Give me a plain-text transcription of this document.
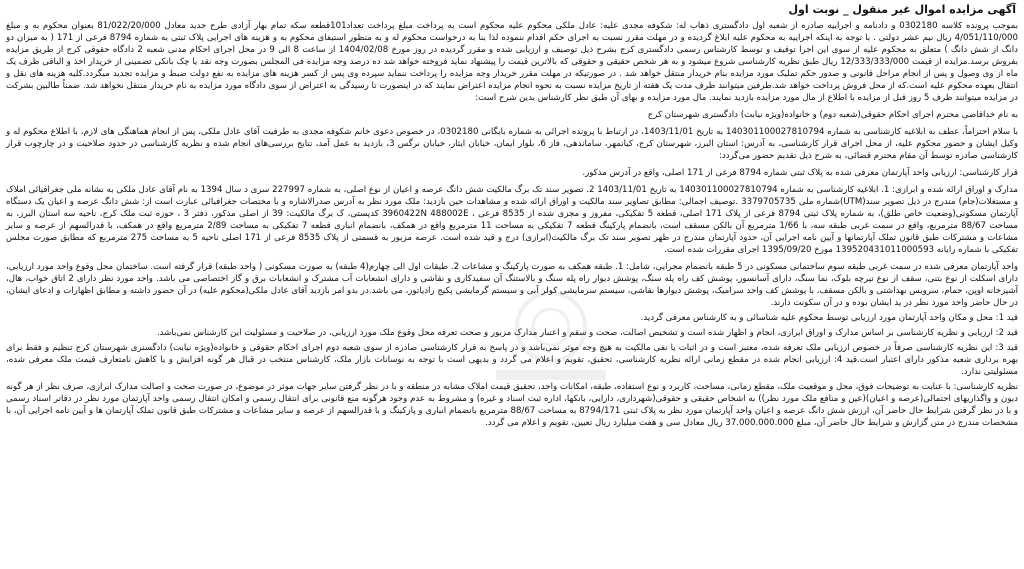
آگهی مزایده اموال غیر منقول _ نوبت اول

بموجب پرونده کلاسه 0302180 و دادنامه و اجراییه صادره از شعبه اول دادگستری ذهاب له: شکوفه مجدی علیه: عادل ملکی محکوم علیه محکوم است به پرداخت مبلغ پرداخت تعداد101قطعه سکه تمام بهار آزادی طرح جدید معادل 81/022/20/000 بعنوان محکوم به و مبلغ 4/051/110/000 ریال نیم عشر دولتی . با توجه به اینکه اجراییه به محکوم علیه ابلاغ گردیده و در مهلت مقرر نسبت به اجرای حکم اقدام ننموده لذا بنا به درخواست محکوم له و به منظور استیفای محکوم به و هزینه های اجرایی پلاک ثبتی به شماره 8794 فرعی از 171 ( به میزان دو دانگ از شش دانگ ) متعلق به محکوم علیه از سوی این اجرا توقیف و توسط کارشناس رسمی دادگستری کرج بشرح ذیل توصیف و ارزیابی شده و مقرر گردیده در روز مورخ 1404/02/08 از ساعت 8 الی 9 در محل اجرای احکام مدنی شعبه 2 دادگاه حقوقی کرج از طریق مزایده بفروش برسد.مزایده از قیمت 12/333/333/000 ریال طبق نظریه کارشناسی شروع میشود و به هر شخص حقیقی و حقوقی که بالاترین قیمت را پیشنهاد نماید فروخته خواهد شد ده درصد وجه مزایده فی المجلس بصورت وجه نقد یا چک بانکی تضمینی از خریدار اخذ و الباقی ظرف یک ماه از وی وصول و پس از انجام مراحل قانونی و صدور حکم تملیک مورد مزایده بنام خریدار منتقل خواهد شد . در صورتیکه در مهلت مقرر خریدار وجه مزایده را پرداخت ننماید سپرده وی پس از کسر هزینه های مزایده به نفع دولت ضبط و مزایده تجدید میگردد.کلیه هزینه های نقل و انتقال بعهده محکوم علیه است.که از محل فروش پرداخت خواهد شد.طرفین میتوانند ظرف مدت یک هفته از تاریخ مزایده نسبت به نحوه انجام مزایده اعتراض نمایند که در اینصورت تا رسیدگی به اعتراض از سوی دادگاه مورد مزایده به نام خریدار منتقل نخواهد شد. ضمناً طالبین بشرکت در مزایده میتوانند ظرف 5 روز قبل از مزایده با اطلاع از مال مورد مزایده بازدید نمایند. مال مورد مزایده و بهای آن طبق نظر کارشناس بدین شرح است:

به نام خداقاضی محترم اجرای احکام حقوقی(شعبه دوم) و خانواده(ویژه نیابت) دادگستری شهرستان کرج

با سلام احتراماً، عطف به ابلاغیه کارشناسی به شماره 140301100027810794 به تاریخ 1403/11/01، در ارتباط با پرونده اجرائی به شماره بایگانی 0302180، در خصوص دعوی خانم شکوفه مجدی به طرفیت آقای عادل ملکی، پس از انجام هماهنگی های لازم، با اطلاع محکوم له و وکیل ایشان و حضور محکوم علیه، از محل اجرای قرار کارشناسی، به آدرس: استان البرز، شهرستان کرج، کیانمهر، ساماندهی، فاز 6، بلوار ایمان، خیابان ایثار، خیابان نرگس 3، بازدید به عمل آمد، نتایج بررسی‌های انجام شده و نظریه کارشناسی در حدود صلاحیت و در چارچوب قرار کارشناسی صادره توسط آن مقام محترم قضائی، به شرح ذیل تقدیم حضور می‌گردد:

قرار کارشناسی: ارزیابی واحد آپارتمان معرفی شده به پلاک ثبتی شماره 8794 فرعی از 171 اصلی، واقع در آدرس مذکور.

مدارک و اوراق ارائه شده و ابرازی: 1. ابلاغیه کارشناسی به شماره 140301100027810794 به تاریخ 1403/11/01 2. تصویر سند تک برگ مالکیت شش دانگ عرصه و اعیان از نوع اصلی، به شماره 227997 سری د سال 1394 به نام آقای عادل ملکی به نشانه ملی جغرافیائی املاک و مستغلات(جام) مندرج در ذیل تصویر سند(UTM)شماره ملی 3379705735 .توصیف اجمالی: مطابق تصاویر سند مالکیت و اوراق ارائه شده و مشاهدات حین بازدید: ملک مورد نظر به آدرس صدرالاشاره و با مختصات جغرافیائی عبارت است از: شش دانگ عرصه و اعیان یک دستگاه آپارتمان مسکونی(وضعیت خاص طلق)، به شماره پلاک ثبتی 8794 فرعی از پلاک 171 اصلی، قطعه 5 تفکیکی، مفروز و مجزی شده از 8535 فرعی ، 3960422N 488002E کدپستی، ک برگ مالکیت: 39 از اصلی مذکور، دفتر 3 ، حوزه ثبت ملک کرج، ناحیه سه استان البرز، به مساحت 88/67 مترمربع، واقع در سمت غربی طبقه سه، با 1/66 مترمربع آن بالکن مسقف است، بانضمام پارکینگ قطعه 7 تفکیکی به مساحت 11 مترمربع واقع در همکف، بانضمام انباری قطعه 7 تفکیکی به مساحت 2/89 مترمربع واقع در همکف، با قدرالسهم از عرصه و سایر مشاعات و مشترکات طبق قانون تملک آپارتمانها و آیین نامه اجرایی آن، حدود آپارتمان مندرج در ظهر تصویر سند تک برگ مالکیت(ابرازی) درج و قید شده است. عرصه مزبور به قسمتی از پلاک 8535 فرعی از 171 اصلی ناحیه 5 به مساحت 275 مترمربع که مطابق صورت مجلس تفکیکی با شماره رایانه 139520431011000593 مورخ 1395/09/20 اجرای مقررات شده است.

واحد آپارتمان معرفی شده در سمت غربی طبقه سوم ساختمانی مسکونی در 5 طبقه بانضمام مجرایی، شامل: 1. طبقه همکف به صورت پارکینگ و مشاعات 2. طبقات اول الی چهارم(4 طبقه) به صورت مسکونی ( واحد طبقه) قرار گرفته است. ساختمان محل وقوع واحد مورد ارزیابی، دارای اسکلت از نوع بتنی، سقف از نوع تیرچه بلوک، نما سنگ، دارای آسانسور، پوشش کف راه پله سنگ، پوشش دیوار راه پله سنگ و بالاستنگ آن سفیدکاری و نقاشی و دارای انشعابات آب مشترک و انشعابات برق و گاز اختصاصی می باشد. واحد مورد نظر دارای 2 اتاق خواب، هال، آشپزخانه اوپن، حمام، سرویس بهداشتی و بالکن مسقف، با پوشش کف واحد سرامیک، پوشش دیوارها نقاشی، سیستم سرمایشی کولر آبی و سیستم گرمایشی پکیج رادیاتور، می باشد.در بدو امر بازدید آقای عادل ملکی(محکوم علیه) در آن حضور داشته و مطابق اظهارات و ادعای ایشان، در حال حاضر واحد مورد نظر در ید ایشان بوده و در آن سکونت دارند.

قید 1: محل و مکان واحد آپارتمان مورد ارزیابی توسط محکوم علیه شناسائی و به کارشناس معرفی گردید.

قید 2: ارزیابی و نظریه کارشناسی بر اساس مدارک و اوراق ابرازی، انجام و اظهار شده است و تشخیص اصالت، صحت و سقم و اعتبار مدارک مزبور و صحت تعرفه محل وقوع ملک مورد ارزیابی، در صلاحیت و مسئولیت این کارشناس نمی‌باشد.

قید 3: این نظریه کارشناسی صرفاً در خصوص ارزیابی ملک تعرفه شده، معتبر است و در اثبات یا نفی مالکیت به هیچ وجه موثر نمی‌باشد و در پاسخ به قرار کارشناسی صادره از سوی شعبه دوم اجرای احکام حقوقی و خانواده(ویژه نیابت) دادگستری شهرستان کرج تنظیم و فقط برای بهره برداری شعبه مذکور دارای اعتبار است.قید 4: ارزیابی انجام شده در مقطع زمانی ارائه نظریه کارشناسی، تحقیق، تقویم و اعلام می گردد و بدیهی است با توجه به نوسانات بازار ملک، کارشناس منتخب در قبال هر گونه افزایش و یا کاهش نامتعارف قیمت ملک معرفی شده، مسئولیتی ندارد.

نظریه کارشناسی: با عنایت به توضیحات فوق، محل و موقعیت ملک، مقطع زمانی، مساحت، کاربرد و نوع استفاده، طبقه، امکانات واحد، تحقیق قیمت املاک مشابه در منطقه و با در نظر گرفتن سایر جهات موثر در موضوع، در صورت صحت و اصالت مدارک ابرازی، صرف نظر از هر گونه دیون و واگذاریهای احتمالی(عرصه و اعیان)(عین و منافع ملک مورد نظر)) به اشخاص حقیقی و حقوقی(شهرداری، دارایی، بانکها، اداره ثبت اسناد و غیره) و مشروط به عدم وجود هرگونه منع قانونی برای انتقال رسمی و امکان انتقال رسمی واحد آپارتمان مورد نظر در دفاتر اسناد رسمی و با در نظر گرفتن شرایط حال حاضر آن، ارزش شش دانگ عرصه و اعیان واحد آپارتمان مورد نظر به پلاک ثبتی 8794/171 به مساحت 88/67 مترمربع بانضمام انباری و پارکینگ و با قدرالسهم از عرصه و سایر مشاعات و مشترکات طبق قانون تملک آپارتمان ها و آیین نامه اجرایی آن، با مشخصات مندرج در متن گزارش و شرایط حال حاضر آن، مبلغ 37.000.000.000 ریال معادل سی و هفت میلیارد ریال تعیین، تقویم و اعلام می گردد.
